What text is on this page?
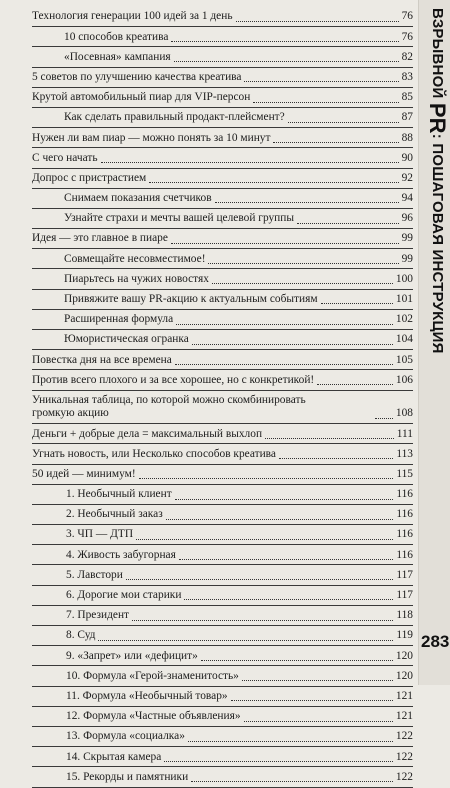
Технология генерации 100 идей за 1 день	76
10 способов креатива	76
«Посевная» кампания	82
5 советов по улучшению качества креатива	83
Крутой автомобильный пиар для VIP-персон	85
Как сделать правильный продакт-плейсмент?	87
Нужен ли вам пиар — можно понять за 10 минут	88
С чего начать	90
Допрос с пристрастием	92
Снимаем показания счетчиков	94
Узнайте страхи и мечты вашей целевой группы	96
Идея — это главное в пиаре	99
Совмещайте несовместимое!	99
Пиарьтесь на чужих новостях	100
Привяжите вашу PR-акцию к актуальным событиям	101
Расширенная формула	102
Юмористическая огранка	104
Повестка дня на все времена	105
Против всего плохого и за все хорошее, но с конкретикой!	106
Уникальная таблица, по которой можно скомбинировать
громкую акцию	108
Деньги + добрые дела = максимальный выхлоп	111
Угнать новость, или Несколько способов креатива	113
50 идей — минимум!	115
1. Необычный клиент	116
2. Необычный заказ	116
3. ЧП — ДТП	116
4. Живость забугорная	116
5. Лавстори	117
6. Дорогие мои старики	117
7. Президент	118
8. Суд	119
9. «Запрет» или «дефицит»	120
10. Формула «Герой-знаменитость»	120
11. Формула «Необычный товар»	121
12. Формула «Частные объявления»	121
13. Формула «социалка»	122
14. Скрытая камера	122
15. Рекорды и памятники	122
ВЗРЫВНОЙ PR: ПОШАГОВАЯ ИНСТРУКЦИЯ
283
